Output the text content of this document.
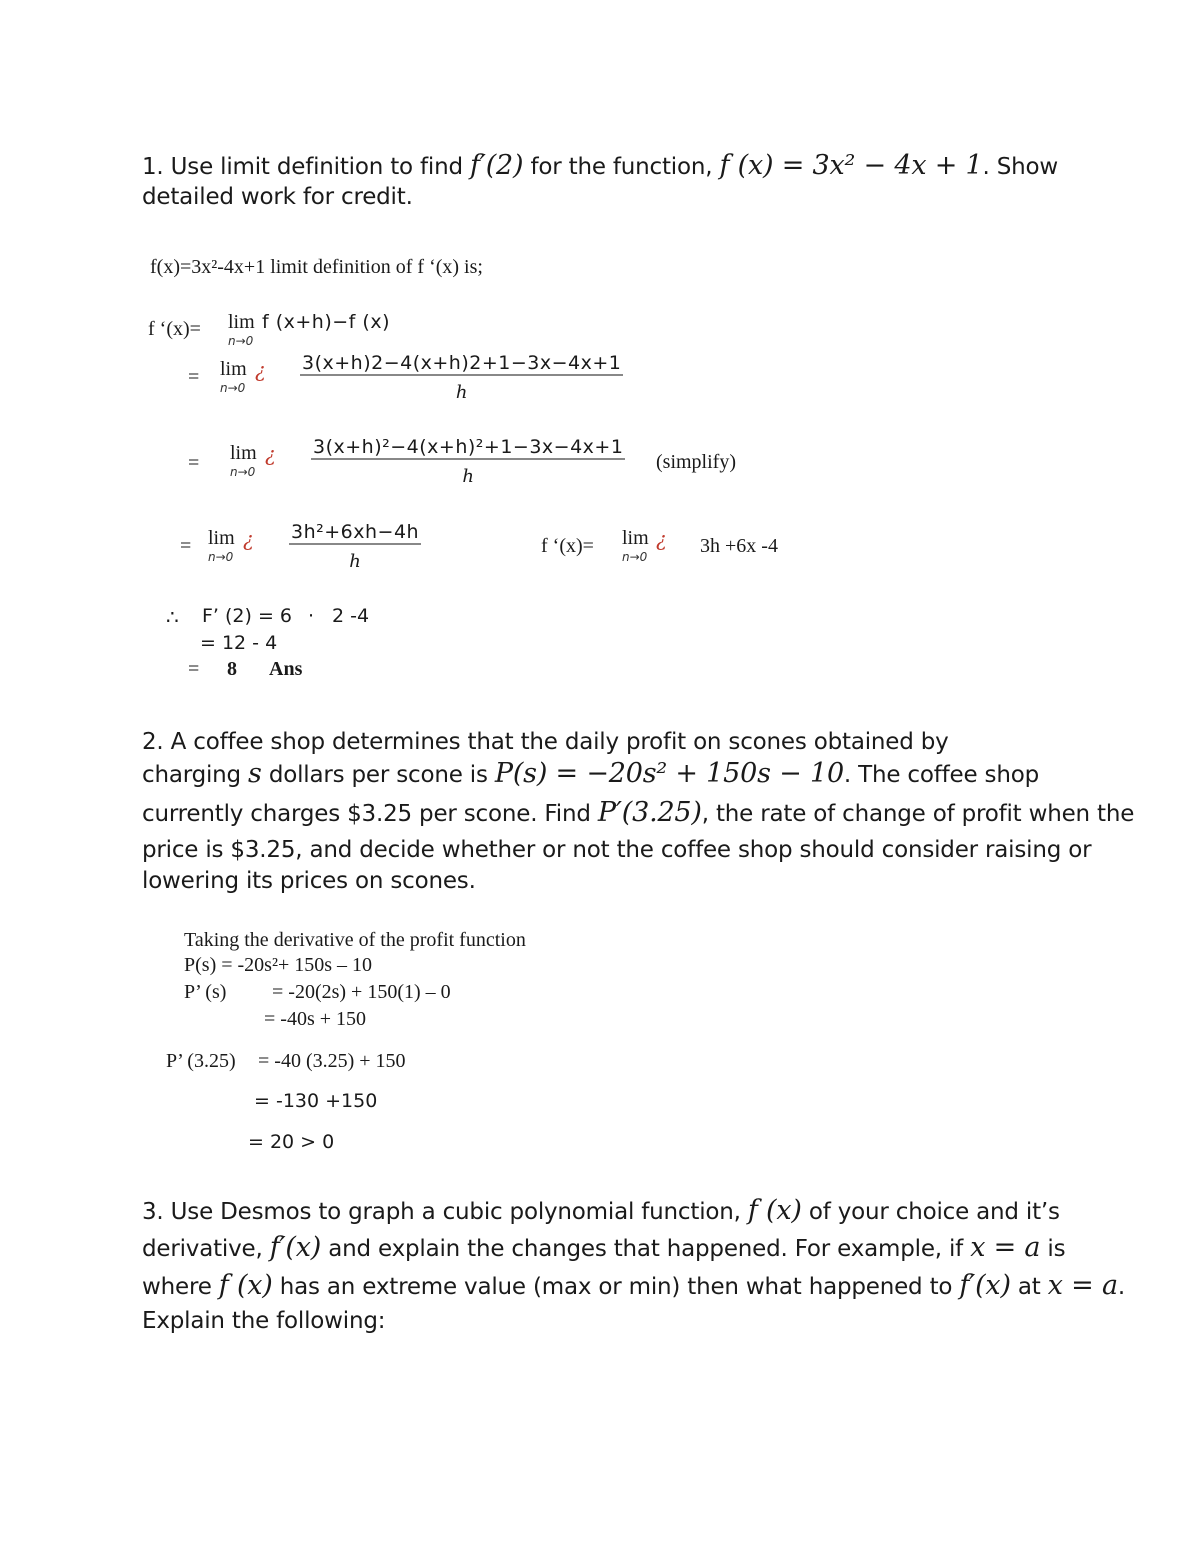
1. Use limit definition to find f′(2) for the function, f (x) = 3x² − 4x + 1. Show
detailed work for credit.
f(x)=3x²-4x+1 limit definition of f ‘(x) is;
f ‘(x)= lim f (x+h)−f (x)
n→0
= lim ¿
n→0	$\frac{3(x+h)2-4(x+h)2+1-3x-4x+1}{h}$
= lim ¿
n→0	$\frac{\text{3(x+h)²−4(x+h)²+1−3x−4x+1}}{h}$ (simplify)
= lim ¿
n→0	$\frac{\text{3h²+6xh−4h}}{h}$	f ‘(x)= lim ¿
n→0	3h +6x -4
∴ F’ (2) = 6 · 2 -4
= 12 - 4
= 8 Ans
2. A coffee shop determines that the daily profit on scones obtained by
charging s dollars per scone is P(s) = −20s² + 150s − 10. The coffee shop
currently charges $3.25 per scone. Find P′(3.25), the rate of change of profit when the
price is $3.25, and decide whether or not the coffee shop should consider raising or
lowering its prices on scones.
Taking the derivative of the profit function
P(s) = -20s²+ 150s – 10
P’ (s) = -20(2s) + 150(1) – 0
= -40s + 150
P’ (3.25) = -40 (3.25) + 150
= -130 +150
= 20 > 0
3. Use Desmos to graph a cubic polynomial function, f (x) of your choice and it’s
derivative, f′(x) and explain the changes that happened. For example, if x = a is
where f (x) has an extreme value (max or min) then what happened to f′(x) at x = a.
Explain the following:
